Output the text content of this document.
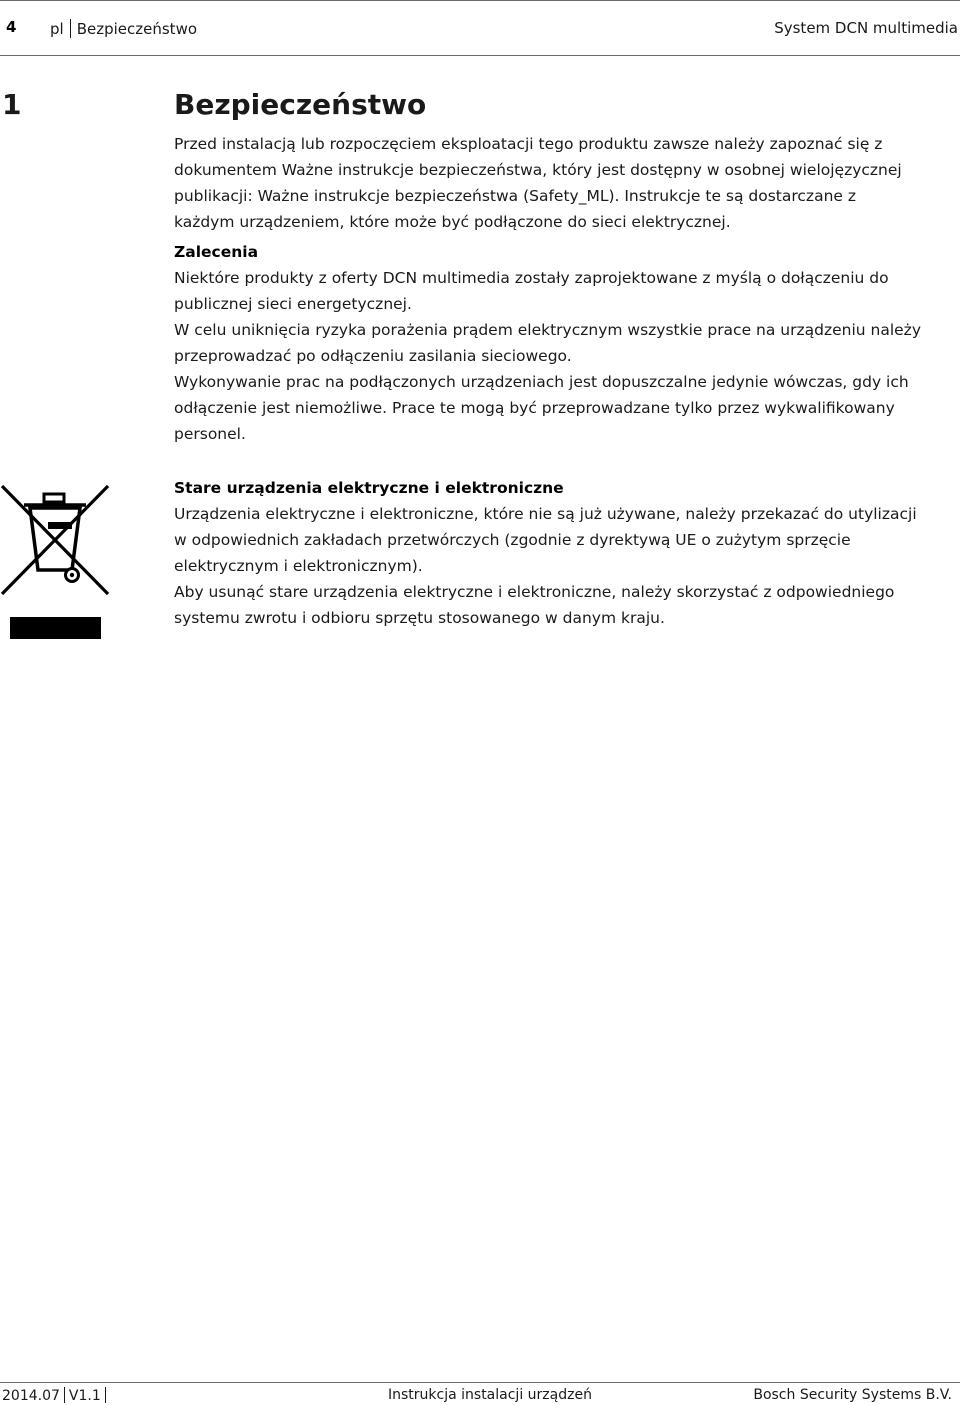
4 pl Bezpieczeństwo	System DCN multimedia
1	Bezpieczeństwo

Przed instalacją lub rozpoczęciem eksploatacji tego produktu zawsze należy zapoznać się z

dokumentem Ważne instrukcje bezpieczeństwa, który jest dostępny w osobnej wielojęzycznej

publikacji: Ważne instrukcje bezpieczeństwa (Safety_ML). Instrukcje te są dostarczane z

każdym urządzeniem, które może być podłączone do sieci elektrycznej.

Zalecenia

Niektóre produkty z oferty DCN multimedia zostały zaprojektowane z myślą o dołączeniu do

publicznej sieci energetycznej.

W celu uniknięcia ryzyka porażenia prądem elektrycznym wszystkie prace na urządzeniu należy

przeprowadzać po odłączeniu zasilania sieciowego.

Wykonywanie prac na podłączonych urządzeniach jest dopuszczalne jedynie wówczas, gdy ich

odłączenie jest niemożliwe. Prace te mogą być przeprowadzane tylko przez wykwalifikowany

personel.

Stare urządzenia elektryczne i elektroniczne

Urządzenia elektryczne i elektroniczne, które nie są już używane, należy przekazać do utylizacji

w odpowiednich zakładach przetwórczych (zgodnie z dyrektywą UE o zużytym sprzęcie

elektrycznym i elektronicznym).

Aby usunąć stare urządzenia elektryczne i elektroniczne, należy skorzystać z odpowiedniego

systemu zwrotu i odbioru sprzętu stosowanego w danym kraju.

2014.07 V1.1	Instrukcja instalacji urządzeń	Bosch Security Systems B.V.
